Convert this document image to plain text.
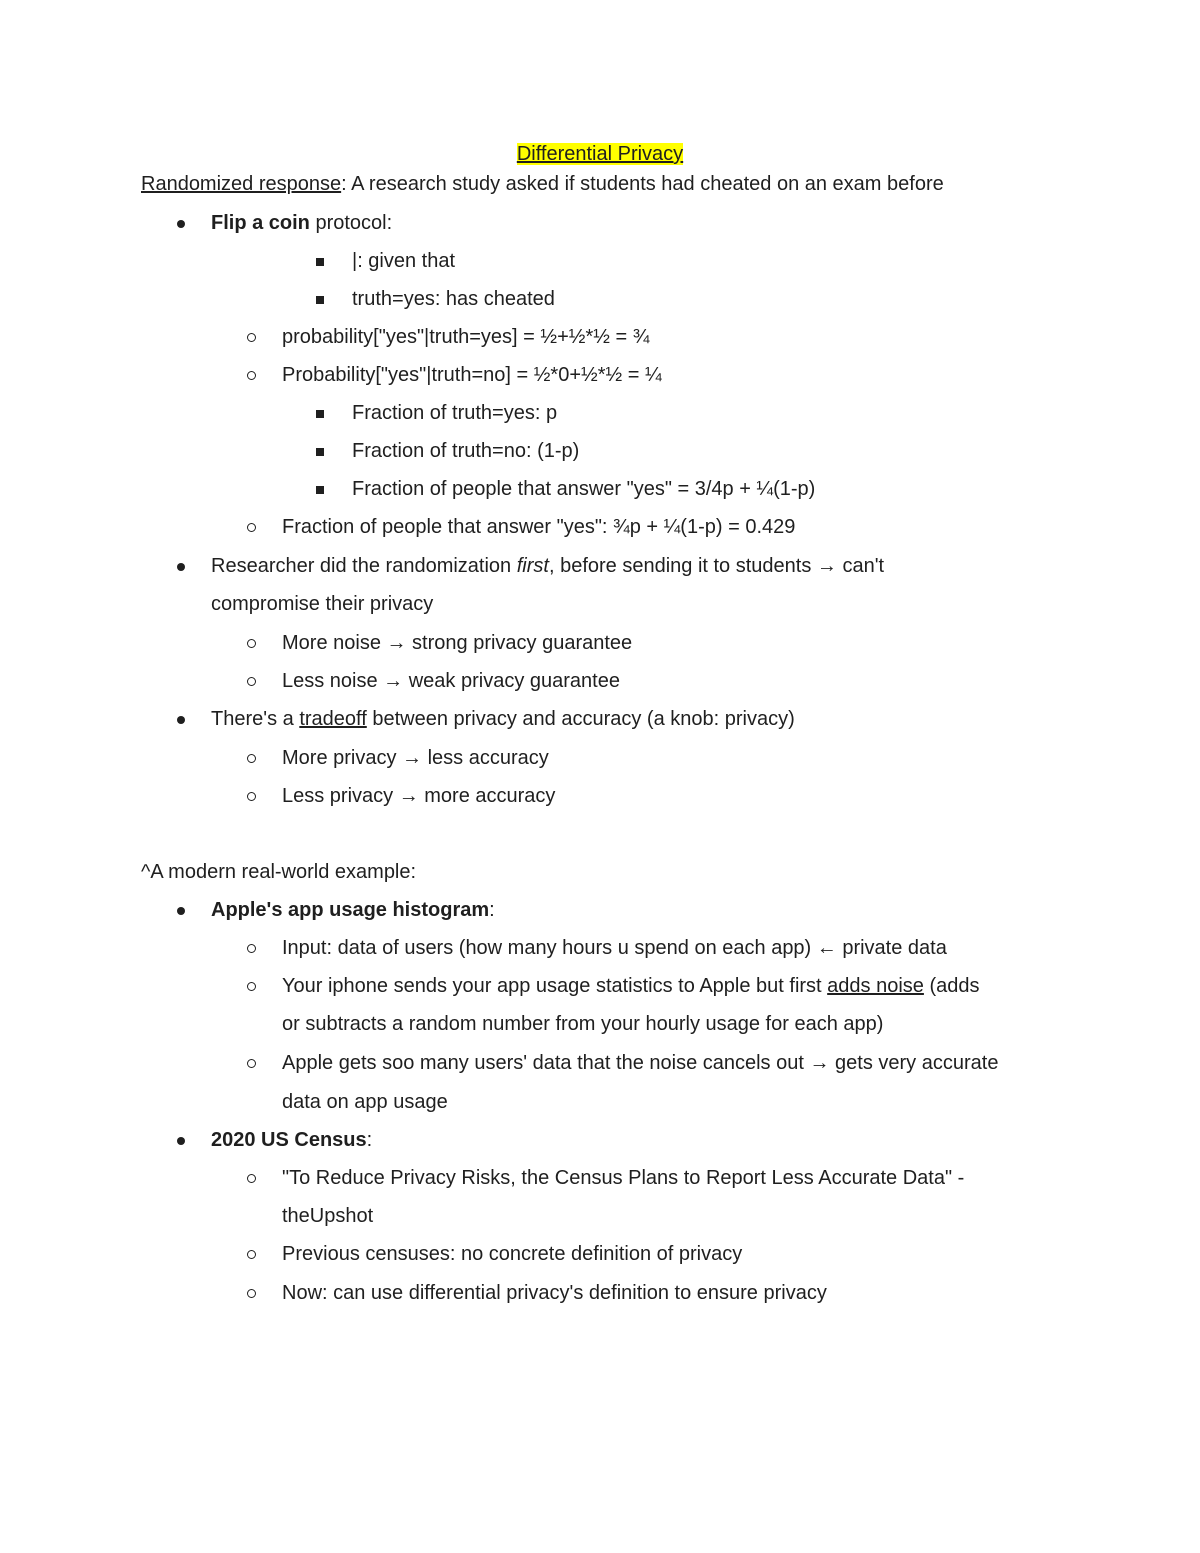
Differential Privacy
Randomized response: A research study asked if students had cheated on an exam before
Flip a coin protocol:
|: given that
truth=yes: has cheated
probability["yes"|truth=yes] = ½+½*½ = ¾
Probability["yes"|truth=no] = ½*0+½*½ = ¼
Fraction of truth=yes: p
Fraction of truth=no: (1-p)
Fraction of people that answer "yes" = 3/4p + ¼(1-p)
Fraction of people that answer "yes": ¾p + ¼(1-p) = 0.429
Researcher did the randomization first, before sending it to students → can't
compromise their privacy
More noise → strong privacy guarantee
Less noise → weak privacy guarantee
There's a tradeoff between privacy and accuracy (a knob: privacy)
More privacy → less accuracy
Less privacy → more accuracy
^A modern real-world example:
Apple's app usage histogram:
Input: data of users (how many hours u spend on each app) ← private data
Your iphone sends your app usage statistics to Apple but first adds noise (adds
or subtracts a random number from your hourly usage for each app)
Apple gets soo many users' data that the noise cancels out → gets very accurate
data on app usage
2020 US Census:
"To Reduce Privacy Risks, the Census Plans to Report Less Accurate Data" -
theUpshot
Previous censuses: no concrete definition of privacy
Now: can use differential privacy's definition to ensure privacy
